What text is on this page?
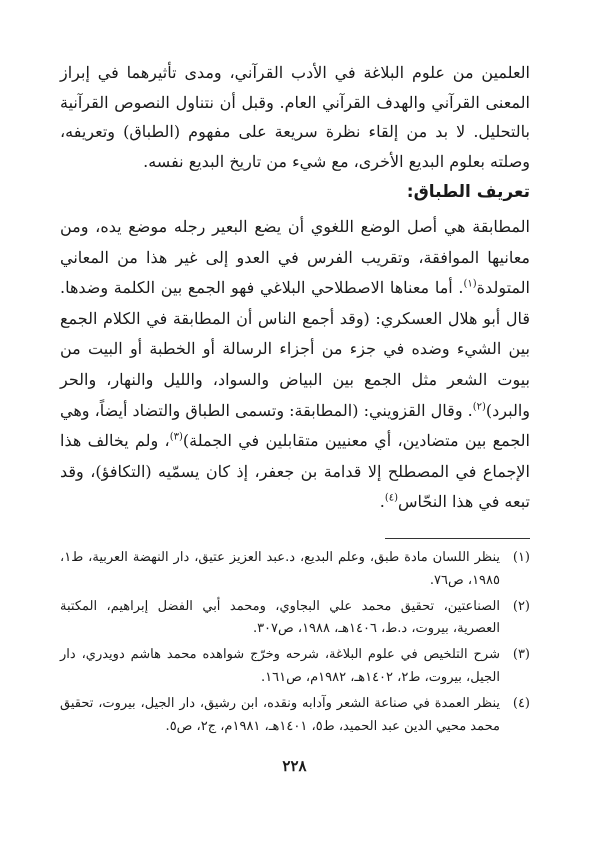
العلمين من علوم البلاغة في الأدب القرآني، ومدى تأثيرهما في إبراز المعنى القرآني والهدف القرآني العام. وقبل أن نتناول النصوص القرآنية بالتحليل. لا بد من إلقاء نظرة سريعة على مفهوم (الطباق) وتعريفه، وصلته بعلوم البديع الأخرى، مع شيء من تاريخ البديع نفسه.

تعريف الطباق:

المطابقة هي أصل الوضع اللغوي أن يضع البعير رجله موضع يده، ومن معانيها الموافقة، وتقريب الفرس في العدو إلى غير هذا من المعاني المتولدة$^{(١)}$. أما معناها الاصطلاحي البلاغي فهو الجمع بين الكلمة وضدها. قال أبو هلال العسكري: (وقد أجمع الناس أن المطابقة في الكلام الجمع بين الشيء وضده في جزء من أجزاء الرسالة أو الخطبة أو البيت من بيوت الشعر مثل الجمع بين البياض والسواد، والليل والنهار، والحر والبرد)$^{(٢)}$. وقال القزويني: (المطابقة: وتسمى الطباق والتضاد أيضاً، وهي الجمع بين متضادين، أي معنيين متقابلين في الجملة)$^{(٣)}$، ولم يخالف هذا الإجماع في المصطلح إلا قدامة بن جعفر، إذ كان يسمّيه (التكافؤ)، وقد تبعه في هذا النحّاس$^{(٤)}$.

(١)
ينظر اللسان مادة طبق، وعلم البديع، د.عبد العزيز عتيق، دار النهضة العربية، ط١، ١٩٨٥، ص٧٦.
(٢)
الصناعتين، تحقيق محمد علي البجاوي، ومحمد أبي الفضل إبراهيم، المكتبة العصرية، بيروت، د.ط، ١٤٠٦هـ، ١٩٨٨، ص٣٠٧.
(٣)
شرح التلخيص في علوم البلاغة، شرحه وخرّج شواهده محمد هاشم دويدري، دار الجيل، بيروت، ط٢، ١٤٠٢هـ، ١٩٨٢م، ص١٦١.
(٤)
ينظر العمدة في صناعة الشعر وآدابه ونقده، ابن رشيق، دار الجيل، بيروت، تحقيق محمد محيي الدين عبد الحميد، ط٥، ١٤٠١هـ، ١٩٨١م، ج٢، ص٥.
٢٢٨
